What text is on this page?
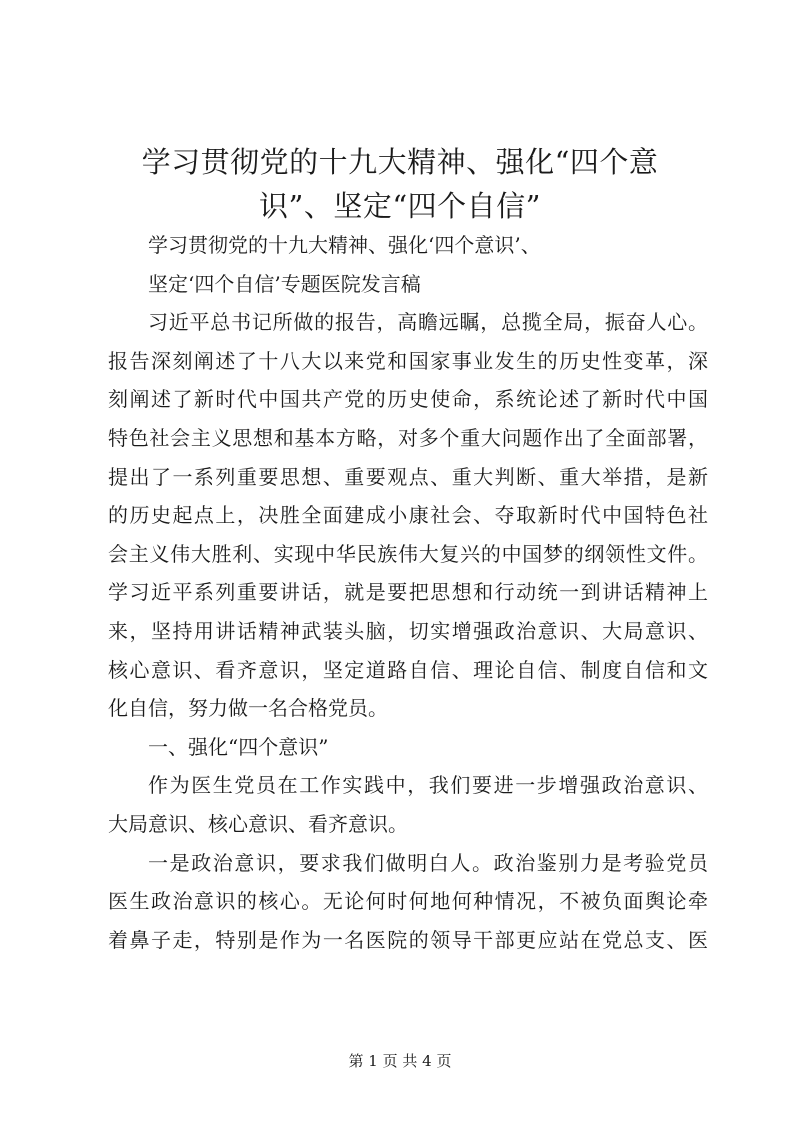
学习贯彻党的十九大精神、强化“四个意
识”、坚定“四个自信”
学习贯彻党的十九大精神、强化‘四个意识’、
坚定‘四个自信’专题医院发言稿
习近平总书记所做的报告，高瞻远瞩，总揽全局，振奋人心。
报告深刻阐述了十八大以来党和国家事业发生的历史性变革，深
刻阐述了新时代中国共产党的历史使命，系统论述了新时代中国
特色社会主义思想和基本方略，对多个重大问题作出了全面部署，
提出了一系列重要思想、重要观点、重大判断、重大举措，是新
的历史起点上，决胜全面建成小康社会、夺取新时代中国特色社
会主义伟大胜利、实现中华民族伟大复兴的中国梦的纲领性文件。
学习近平系列重要讲话，就是要把思想和行动统一到讲话精神上
来，坚持用讲话精神武装头脑，切实增强政治意识、大局意识、
核心意识、看齐意识，坚定道路自信、理论自信、制度自信和文
化自信，努力做一名合格党员。
一、强化“四个意识”
作为医生党员在工作实践中，我们要进一步增强政治意识、
大局意识、核心意识、看齐意识。
一是政治意识，要求我们做明白人。政治鉴别力是考验党员
医生政治意识的核心。无论何时何地何种情况，不被负面舆论牵
着鼻子走，特别是作为一名医院的领导干部更应站在党总支、医
第 1 页 共 4 页
